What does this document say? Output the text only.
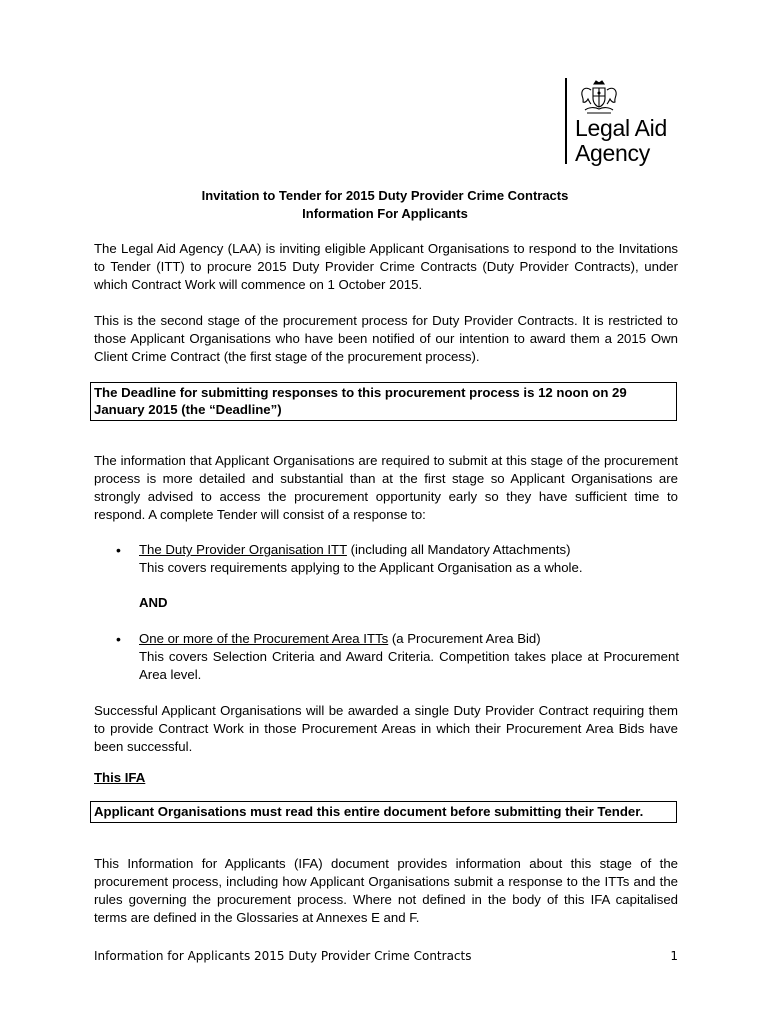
Legal Aid
Agency
Invitation to Tender for 2015 Duty Provider Crime Contracts
Information For Applicants
The Legal Aid Agency (LAA) is inviting eligible Applicant Organisations to respond to the Invitations to Tender (ITT) to procure 2015 Duty Provider Crime Contracts (Duty Provider Contracts), under which Contract Work will commence on 1 October 2015.
This is the second stage of the procurement process for Duty Provider Contracts. It is restricted to those Applicant Organisations who have been notified of our intention to award them a 2015 Own Client Crime Contract (the first stage of the procurement process).
The Deadline for submitting responses to this procurement process is 12 noon on 29 January 2015 (the “Deadline”)
The information that Applicant Organisations are required to submit at this stage of the procurement process is more detailed and substantial than at the first stage so Applicant Organisations are strongly advised to access the procurement opportunity early so they have sufficient time to respond. A complete Tender will consist of a response to:
• The Duty Provider Organisation ITT (including all Mandatory Attachments)
This covers requirements applying to the Applicant Organisation as a whole.
AND
• One or more of the Procurement Area ITTs (a Procurement Area Bid)
This covers Selection Criteria and Award Criteria. Competition takes place at Procurement Area level.
Successful Applicant Organisations will be awarded a single Duty Provider Contract requiring them to provide Contract Work in those Procurement Areas in which their Procurement Area Bids have been successful.
This IFA
Applicant Organisations must read this entire document before submitting their Tender.
This Information for Applicants (IFA) document provides information about this stage of the procurement process, including how Applicant Organisations submit a response to the ITTs and the rules governing the procurement process. Where not defined in the body of this IFA capitalised terms are defined in the Glossaries at Annexes E and F.
Information for Applicants 2015 Duty Provider Crime Contracts	1
